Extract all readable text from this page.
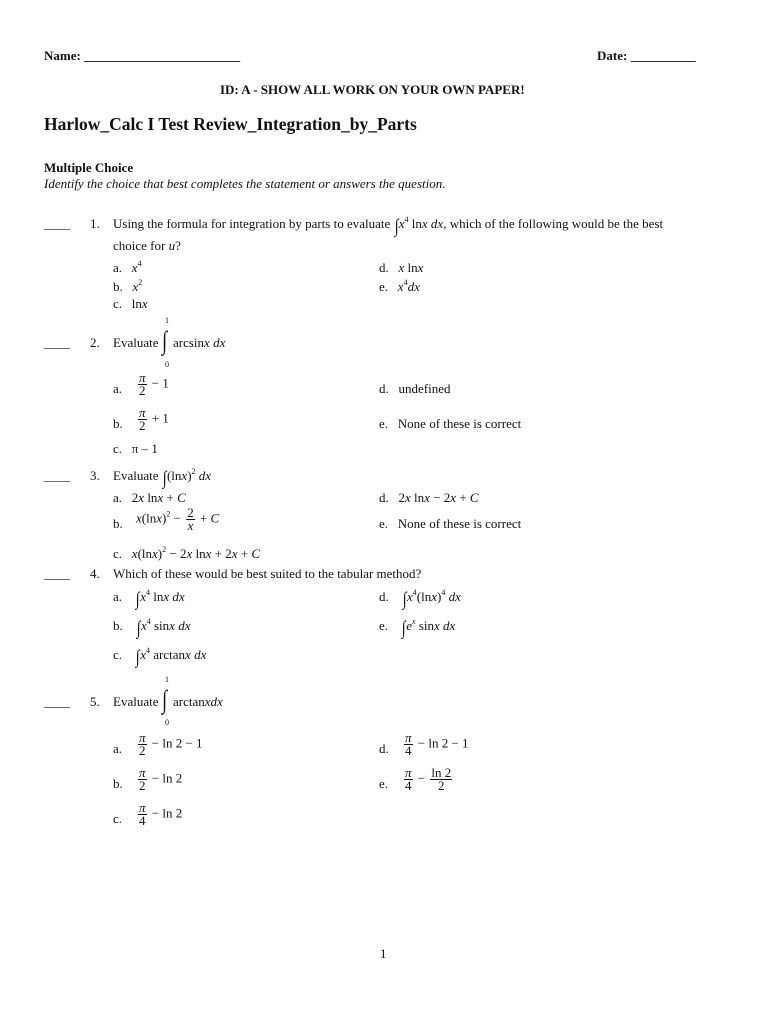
Name: ________________________	Date: __________
ID: A - SHOW ALL WORK ON YOUR OWN PAPER!
Harlow_Calc I Test Review_Integration_by_Parts
Multiple Choice
Identify the choice that best completes the statement or answers the question.
____ 1. Using the formula for integration by parts to evaluate $\int x^4$ lnx dx, which of the following would be the best
choice for u?
a. $x^4$
b. $x^2$
c. lnx
d. x lnx
e. $x^4dx$
____ 2. Evaluate
1
∫
0
arcsinx dx
a. $\frac{\pi}{2} - 1$
b. $\frac{\pi}{2} + 1$
c.   π – 1
d.   undefined
e.   None of these is correct
____ 3. Evaluate $\int(\ln x)^2$ dx
a.   2x lnx + C
b. $x(\ln x)^2 - \frac{2}{x} + C$
c.   $x(\ln x)^2 - 2x$ lnx + 2x + C
d.   2x lnx − 2x + C
e.   None of these is correct
____ 4. Which of these would be best suited to the tabular method?
a.    $\int x^4$ lnx dx
b.    $\int x^4$ sinx dx
c.    $\int x^4$ arctanx dx
d.    $\int x^4(\ln x)^4$ dx
e.    $\int e^x$ sinx dx
____ 5. Evaluate
1
∫
0
arctanxdx
a. $\frac{\pi}{2} - \ln 2 - 1$
b. $\frac{\pi}{2} - \ln 2$
c. $\frac{\pi}{4} - \ln 2$
d. $\frac{\pi}{4} - \ln 2 - 1$
e. $\frac{\pi}{4} - \frac{\ln 2}{2}$
1
